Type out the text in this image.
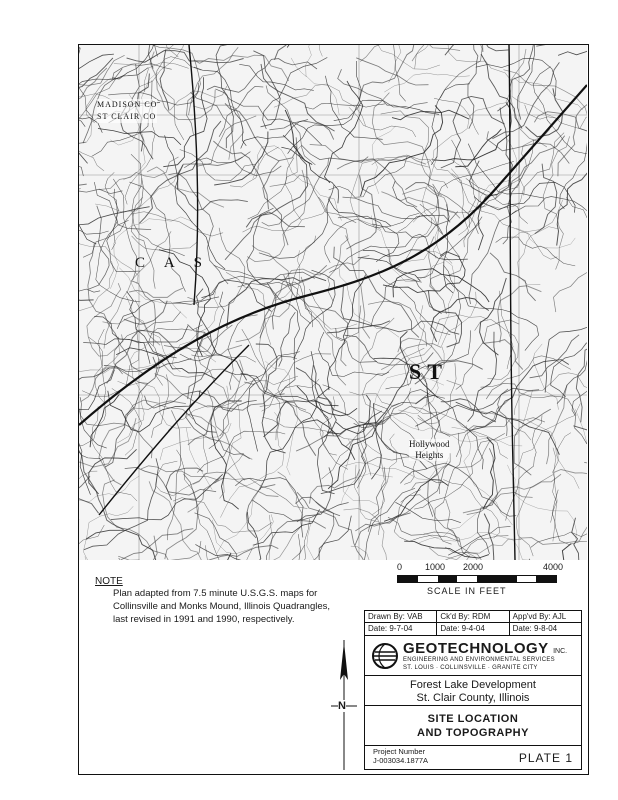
MADISON CO
ST CLAIR CO
C A S
ST
Hollywood
Heights
NOTE
Plan adapted from 7.5 minute U.S.G.S. maps for Collinsville and Monks Mound, Illinois Quadrangles, last revised in 1991 and 1990, respectively.
0	1000 2000	4000
SCALE IN FEET
N
Drawn By: VAB	Ck'd By: RDM	App'vd By: AJL
Date: 9-7-04	Date: 9-4-04	Date: 9-8-04
GEOTECHNOLOGY INC.
ENGINEERING AND ENVIRONMENTAL SERVICES
ST. LOUIS · COLLINSVILLE · GRANITE CITY
Forest Lake Development
St. Clair County, Illinois
SITE LOCATION
AND TOPOGRAPHY
Project Number
J-003034.1877A	PLATE 1
